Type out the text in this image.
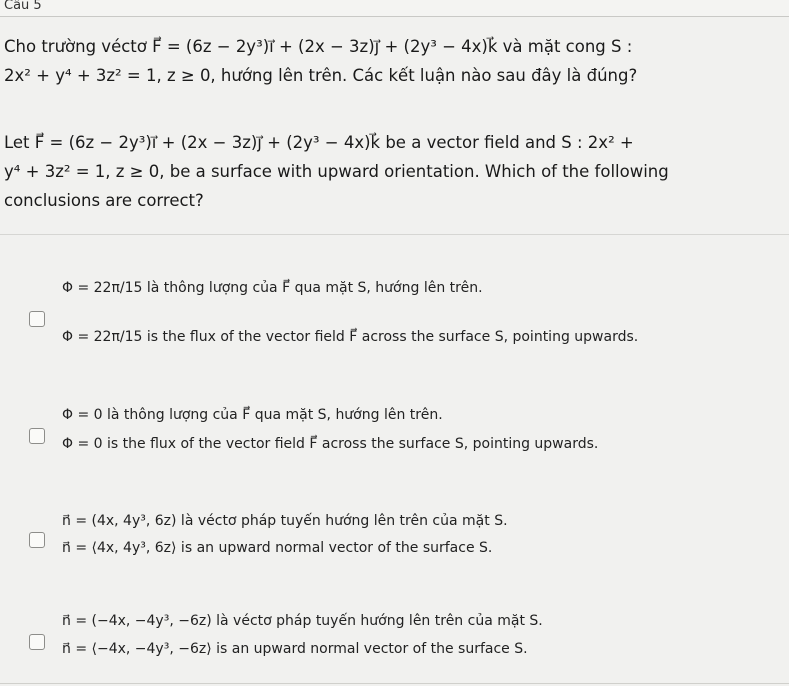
Câu 5
Cho trường véctơ F⃗ = (6z − 2y³)i⃗ + (2x − 3z)j⃗ + (2y³ − 4x)k⃗ và mặt cong S :
2x² + y⁴ + 3z² = 1, z ≥ 0, hướng lên trên. Các kết luận nào sau đây là đúng?
Let F⃗ = (6z − 2y³)i⃗ + (2x − 3z)j⃗ + (2y³ − 4x)k⃗ be a vector field and S : 2x² +
y⁴ + 3z² = 1, z ≥ 0, be a surface with upward orientation. Which of the following
conclusions are correct?
Φ = 22π/15 là thông lượng của F⃗ qua mặt S, hướng lên trên.
Φ = 22π/15 is the flux of the vector field F⃗ across the surface S, pointing upwards.
Φ = 0 là thông lượng của F⃗ qua mặt S, hướng lên trên.
Φ = 0 is the flux of the vector field F⃗ across the surface S, pointing upwards.
n⃗ = (4x, 4y³, 6z) là véctơ pháp tuyến hướng lên trên của mặt S.
n⃗ = ⟨4x, 4y³, 6z⟩ is an upward normal vector of the surface S.
n⃗ = (−4x, −4y³, −6z) là véctơ pháp tuyến hướng lên trên của mặt S.
n⃗ = ⟨−4x, −4y³, −6z⟩ is an upward normal vector of the surface S.
